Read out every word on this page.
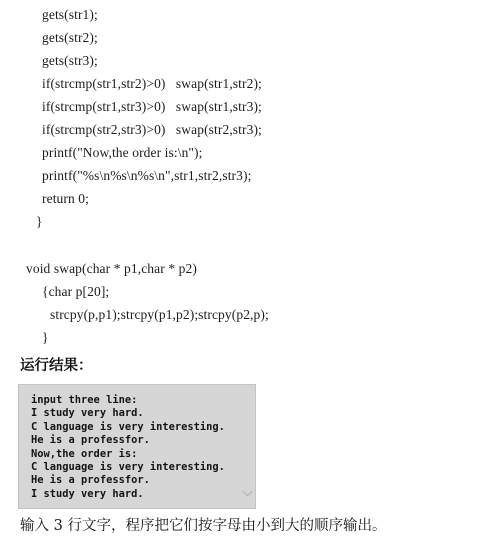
gets(str1);
gets(str2);
gets(str3);
if(strcmp(str1,str2)>0)   swap(str1,str2);
if(strcmp(str1,str3)>0)   swap(str1,str3);
if(strcmp(str2,str3)>0)   swap(str2,str3);
printf("Now,the order is:\n");
printf("%s\n%s\n%s\n",str1,str2,str3);
return 0;
}
void swap(char * p1,char * p2)
{char p[20];
strcpy(p,p1);strcpy(p1,p2);strcpy(p2,p);
}
运行结果：
input three line:
I study very hard.
C language is very interesting.
He is a professfor.
Now,the order is:
C language is very interesting.
He is a professfor.
I study very hard.
输入 3 行文字，程序把它们按字母由小到大的顺序输出。
